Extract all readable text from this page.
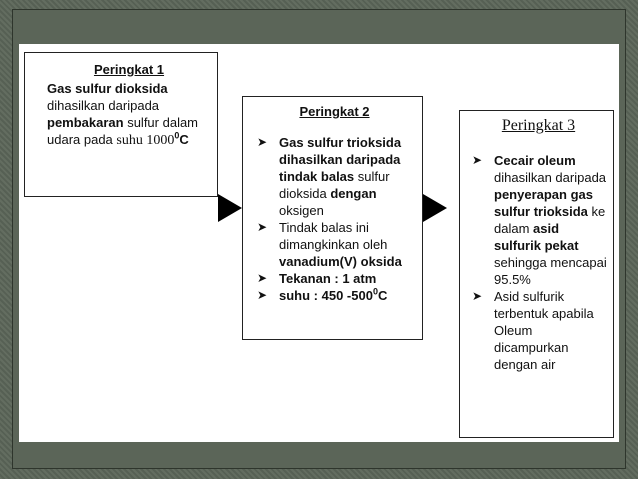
Peringkat 1
Gas sulfur dioksida
dihasilkan daripada
pembakaran sulfur dalam
udara pada suhu 1000$^0$C
Peringkat 2
➤ Gas sulfur trioksida dihasilkan daripada tindak balas sulfur dioksida dengan oksigen
➤ Tindak balas ini dimangkinkan oleh vanadium(V) oksida
➤ Tekanan : 1 atm
➤ suhu : 450 $-500^0C$
Peringkat 3
➤ Cecair oleum dihasilkan daripada penyerapan gas sulfur trioksida ke dalam asid sulfurik pekat sehingga mencapai 95.5%
➤ Asid sulfurik terbentuk apabila Oleum dicampurkan dengan air
